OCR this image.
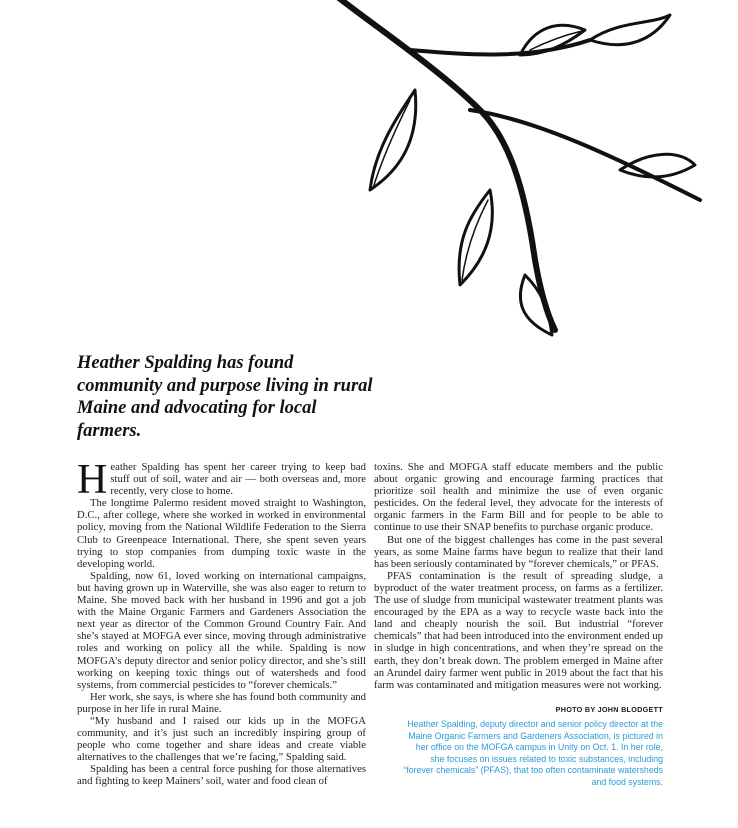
Heather Spalding has found community and purpose living in rural Maine and advocating for local farmers.

Heather Spalding has spent her career trying to keep bad stuff out of soil, water and air — both overseas and, more recently, very close to home.

The longtime Palermo resident moved straight to Washington, D.C., after college, where she worked in worked in environmental policy, moving from the National Wildlife Federation to the Sierra Club to Greenpeace International. There, she spent seven years trying to stop companies from dumping toxic waste in the developing world.

Spalding, now 61, loved working on international campaigns, but having grown up in Waterville, she was also eager to return to Maine. She moved back with her husband in 1996 and got a job with the Maine Organic Farmers and Gardeners Association the next year as director of the Common Ground Country Fair. And she’s stayed at MOFGA ever since, moving through administrative roles and working on policy all the while. Spalding is now MOFGA’s deputy director and senior policy director, and she’s still working on keeping toxic things out of watersheds and food systems, from commercial pesticides to “forever chemicals.”

Her work, she says, is where she has found both community and purpose in her life in rural Maine.

“My husband and I raised our kids up in the MOFGA community, and it’s just such an incredibly inspiring group of people who come together and share ideas and create viable alternatives to the challenges that we’re facing,” Spalding said.

Spalding has been a central force pushing for those alternatives and fighting to keep Mainers’ soil, water and food clean of

toxins. She and MOFGA staff educate members and the public about organic growing and encourage farming practices that prioritize soil health and minimize the use of even organic pesticides. On the federal level, they advocate for the interests of organic farmers in the Farm Bill and for people to be able to continue to use their SNAP benefits to purchase organic produce.

But one of the biggest challenges has come in the past several years, as some Maine farms have begun to realize that their land has been seriously contaminated by “forever chemicals,” or PFAS.

PFAS contamination is the result of spreading sludge, a byproduct of the water treatment process, on farms as a fertilizer. The use of sludge from municipal wastewater treatment plants was encouraged by the EPA as a way to recycle waste back into the land and cheaply nourish the soil. But industrial “forever chemicals” that had been introduced into the environment ended up in sludge in high concentrations, and when they’re spread on the earth, they don’t break down. The problem emerged in Maine after an Arundel dairy farmer went public in 2019 about the fact that his farm was contaminated and mitigation measures were not working.

PHOTO BY JOHN BLODGETT
Heather Spalding, deputy director and senior policy director at the Maine Organic Farmers and Gardeners Association, is pictured in her office on the MOFGA campus in Unity on Oct. 1. In her role, she focuses on issues related to toxic substances, including “forever chemicals” (PFAS), that too often contaminate watersheds and food systems.
